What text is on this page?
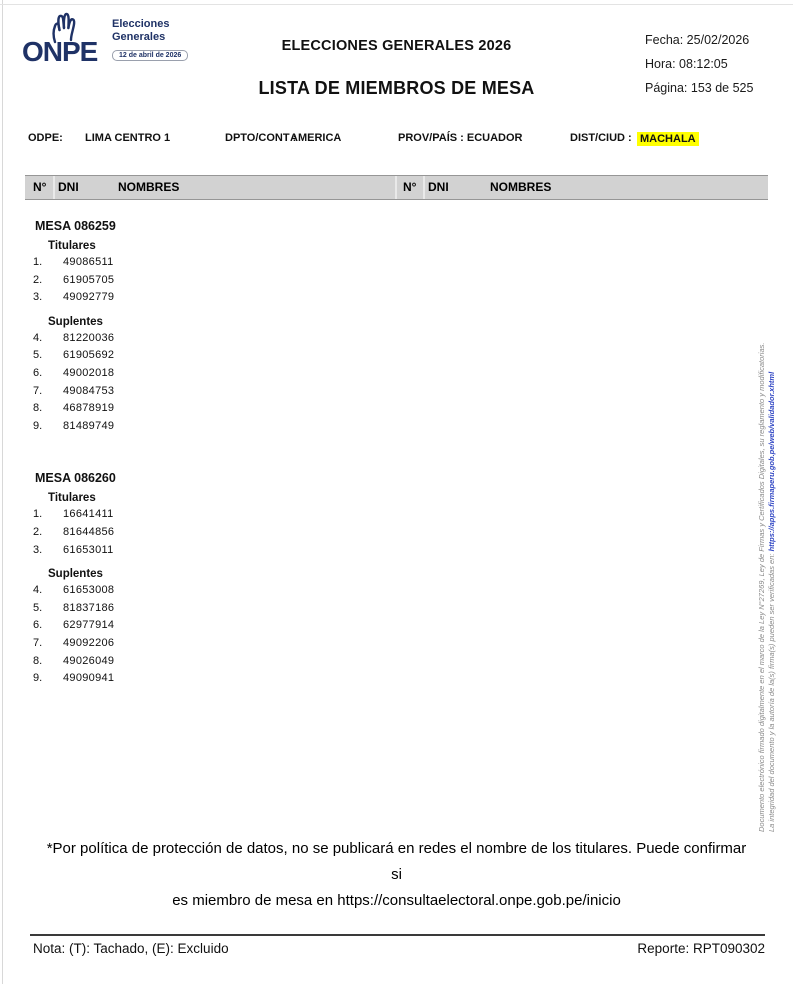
ONPE
Elecciones
Generales
12 de abril de 2026
ELECCIONES GENERALES 2026
LISTA DE MIEMBROS DE MESA
Fecha: 25/02/2026
Hora: 08:12:05
Página: 153 de 525
ODPE: LIMA CENTRO 1	DPTO/CONT :
AMERICA	PROV/PAÍS : ECUADOR	DIST/CIUD : MACHALA
N° DNI	NOMBRES	N° DNI	NOMBRES
MESA 086259
Titulares
1. 49086511
2. 61905705
3. 49092779
Suplentes
4. 81220036
5. 61905692
6. 49002018
7. 49084753
8. 46878919
9. 81489749
MESA 086260
Titulares
1. 16641411
2. 81644856
3. 61653011
Suplentes
4. 61653008
5. 81837186
6. 62977914
7. 49092206
8. 49026049
9. 49090941	Documento electrónico firmado digitalmente en el marco de la Ley N°27269, Ley de Firmas y Certificados Digitales, su reglamento y modificatorias. La integridad del documento y la autoría de la(s) firma(s) pueden ser verificadas en: https://apps.firmaperu.gob.pe/web/validador.xhtml
*Por política de protección de datos, no se publicará en redes el nombre de los titulares. Puede confirmar si
es miembro de mesa en https://consultaelectoral.onpe.gob.pe/inicio
Nota: (T): Tachado, (E): Excluido	Reporte: RPT090302
